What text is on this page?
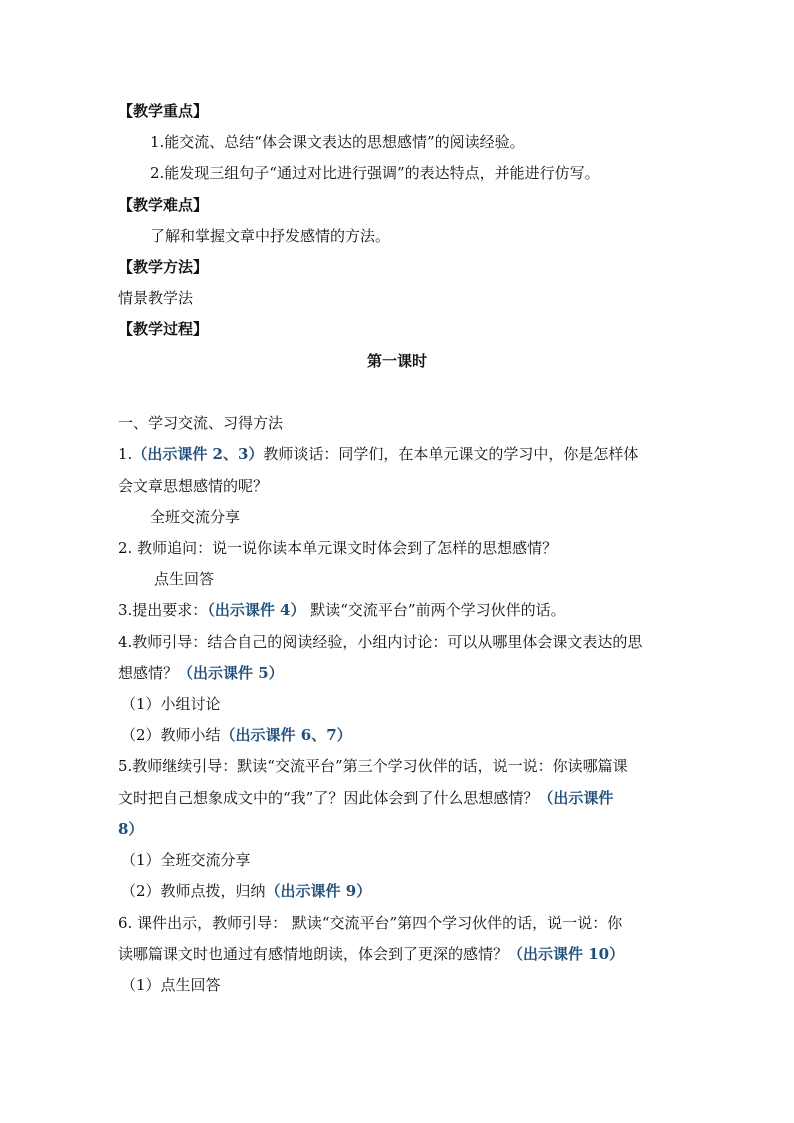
【教学重点】
1.能交流、总结“体会课文表达的思想感情”的阅读经验。
2.能发现三组句子“通过对比进行强调”的表达特点，并能进行仿写。
【教学难点】
了解和掌握文章中抒发感情的方法。
【教学方法】
情景教学法
【教学过程】
第一课时
一、学习交流、习得方法
1.（出示课件 2、3）教师谈话：同学们，在本单元课文的学习中，你是怎样体
会文章思想感情的呢？
全班交流分享
2. 教师追问：说一说你读本单元课文时体会到了怎样的思想感情？
点生回答
3.提出要求：（出示课件 4） 默读“交流平台”前两个学习伙伴的话。
4.教师引导：结合自己的阅读经验，小组内讨论：可以从哪里体会课文表达的思
想感情？（出示课件 5）
（1）小组讨论
（2）教师小结（出示课件 6、7）
5.教师继续引导：默读“交流平台”第三个学习伙伴的话，说一说：你读哪篇课
文时把自己想象成文中的“我”了？因此体会到了什么思想感情？（出示课件
8）
（1）全班交流分享
（2）教师点拨，归纳（出示课件 9）
6. 课件出示，教师引导： 默读“交流平台”第四个学习伙伴的话，说一说：你
读哪篇课文时也通过有感情地朗读，体会到了更深的感情？（出示课件 10）
（1）点生回答
